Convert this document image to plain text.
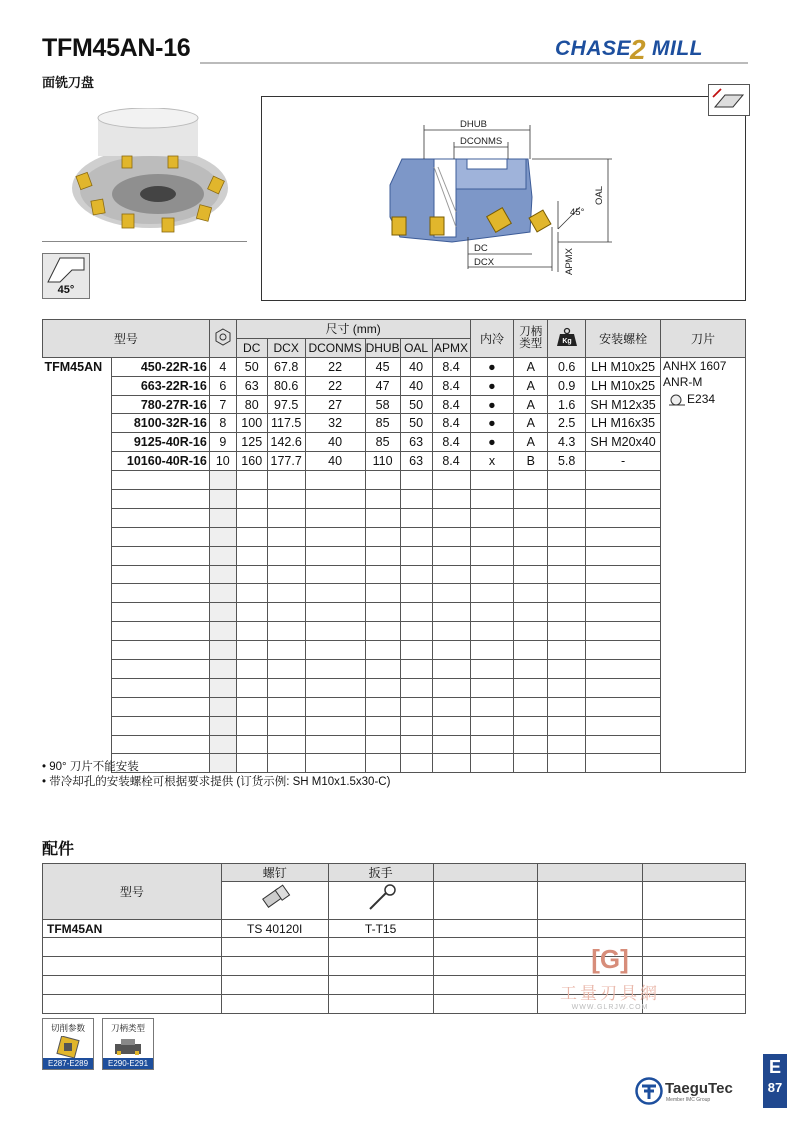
TFM45AN-16
面铣刀盘
CHASE
2 MILL
45°
DHUB
DCONMS
DC
DCX
OAL
APMX
45°
型号			尺寸 (mm)						内冷	刀柄类型	Kg	安装螺栓	刀片
			DC	DCX	DCONMS	DHUB	OAL	APMX					
TFM45AN	450-22R-16	4	50	67.8	22	45	40	8.4	●	A	0.6	LH M10x25	ANHX 1607
ANR-M
E234

	663-22R-16	6	63	80.6	22	47	40	8.4	●	A	0.9	LH M10x25	
	780-27R-16	7	80	97.5	27	58	50	8.4	●	A	1.6	SH M12x35	
	8100-32R-16	8	100	117.5	32	85	50	8.4	●	A	2.5	LH M16x35	
	9125-40R-16	9	125	142.6	40	85	63	8.4	●	A	4.3	SH M20x40	
	10160-40R-16	10	160	177.7	40	110	63	8.4	x	B	5.8	-	

• 90° 刀片不能安装
• 带冷却孔的安装螺栓可根据要求提供 (订货示例: SH M10x1.5x30-C)
配件
型号	螺钉	扳手			

TFM45AN	TS 40120I	T-T15			

[G]
工量刃具網
WWW.GLRJW.COM
切削参数
E287-E289
刀柄类型
E290-E291
TaeguTec
Member IMC Group
E
87
